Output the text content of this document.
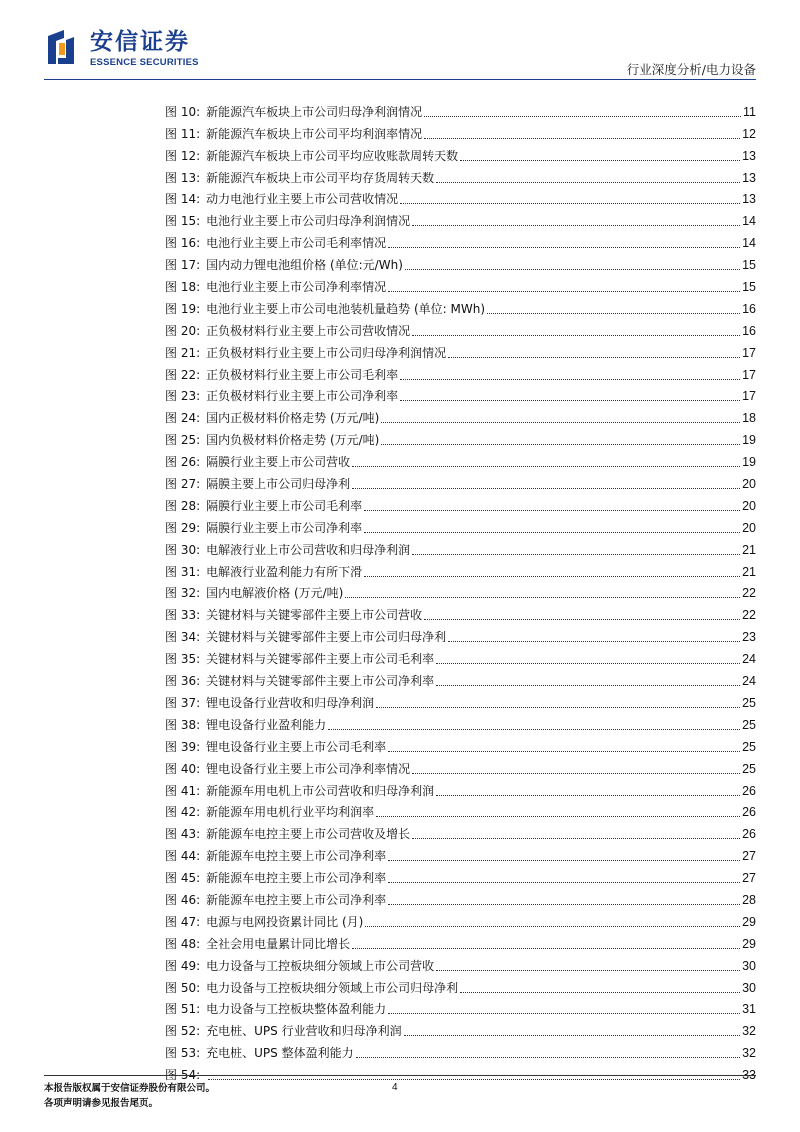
安信证券
ESSENCE SECURITIES	行业深度分析/电力设备
图 10: 新能源汽车板块上市公司归母净利润情况	11
图 11: 新能源汽车板块上市公司平均利润率情况	12
图 12: 新能源汽车板块上市公司平均应收账款周转天数	13
图 13: 新能源汽车板块上市公司平均存货周转天数	13
图 14: 动力电池行业主要上市公司营收情况	13
图 15: 电池行业主要上市公司归母净利润情况	14
图 16: 电池行业主要上市公司毛利率情况	14
图 17: 国内动力锂电池组价格 (单位:元/Wh)	15
图 18: 电池行业主要上市公司净利率情况	15
图 19: 电池行业主要上市公司电池装机量趋势 (单位: MWh)	16
图 20: 正负极材料行业主要上市公司营收情况	16
图 21: 正负极材料行业主要上市公司归母净利润情况	17
图 22: 正负极材料行业主要上市公司毛利率	17
图 23: 正负极材料行业主要上市公司净利率	17
图 24: 国内正极材料价格走势 (万元/吨)	18
图 25: 国内负极材料价格走势 (万元/吨)	19
图 26: 隔膜行业主要上市公司营收	19
图 27: 隔膜主要上市公司归母净利	20
图 28: 隔膜行业主要上市公司毛利率	20
图 29: 隔膜行业主要上市公司净利率	20
图 30: 电解液行业上市公司营收和归母净利润	21
图 31: 电解液行业盈利能力有所下滑	21
图 32: 国内电解液价格 (万元/吨)	22
图 33: 关键材料与关键零部件主要上市公司营收	22
图 34: 关键材料与关键零部件主要上市公司归母净利	23
图 35: 关键材料与关键零部件主要上市公司毛利率	24
图 36: 关键材料与关键零部件主要上市公司净利率	24
图 37: 锂电设备行业营收和归母净利润	25
图 38: 锂电设备行业盈利能力	25
图 39: 锂电设备行业主要上市公司毛利率	25
图 40: 锂电设备行业主要上市公司净利率情况	25
图 41: 新能源车用电机上市公司营收和归母净利润	26
图 42: 新能源车用电机行业平均利润率	26
图 43: 新能源车电控主要上市公司营收及增长	26
图 44: 新能源车电控主要上市公司净利率	27
图 45: 新能源车电控主要上市公司净利率	27
图 46: 新能源车电控主要上市公司净利率	28
图 47: 电源与电网投资累计同比 (月)	29
图 48: 全社会用电量累计同比增长	29
图 49: 电力设备与工控板块细分领域上市公司营收	30
图 50: 电力设备与工控板块细分领域上市公司归母净利	30
图 51: 电力设备与工控板块整体盈利能力	31
图 52: 充电桩、UPS 行业营收和归母净利润	32
图 53: 充电桩、UPS 整体盈利能力	32
图 54:	33
本报告版权属于安信证券股份有限公司。
各项声明请参见报告尾页。
4
